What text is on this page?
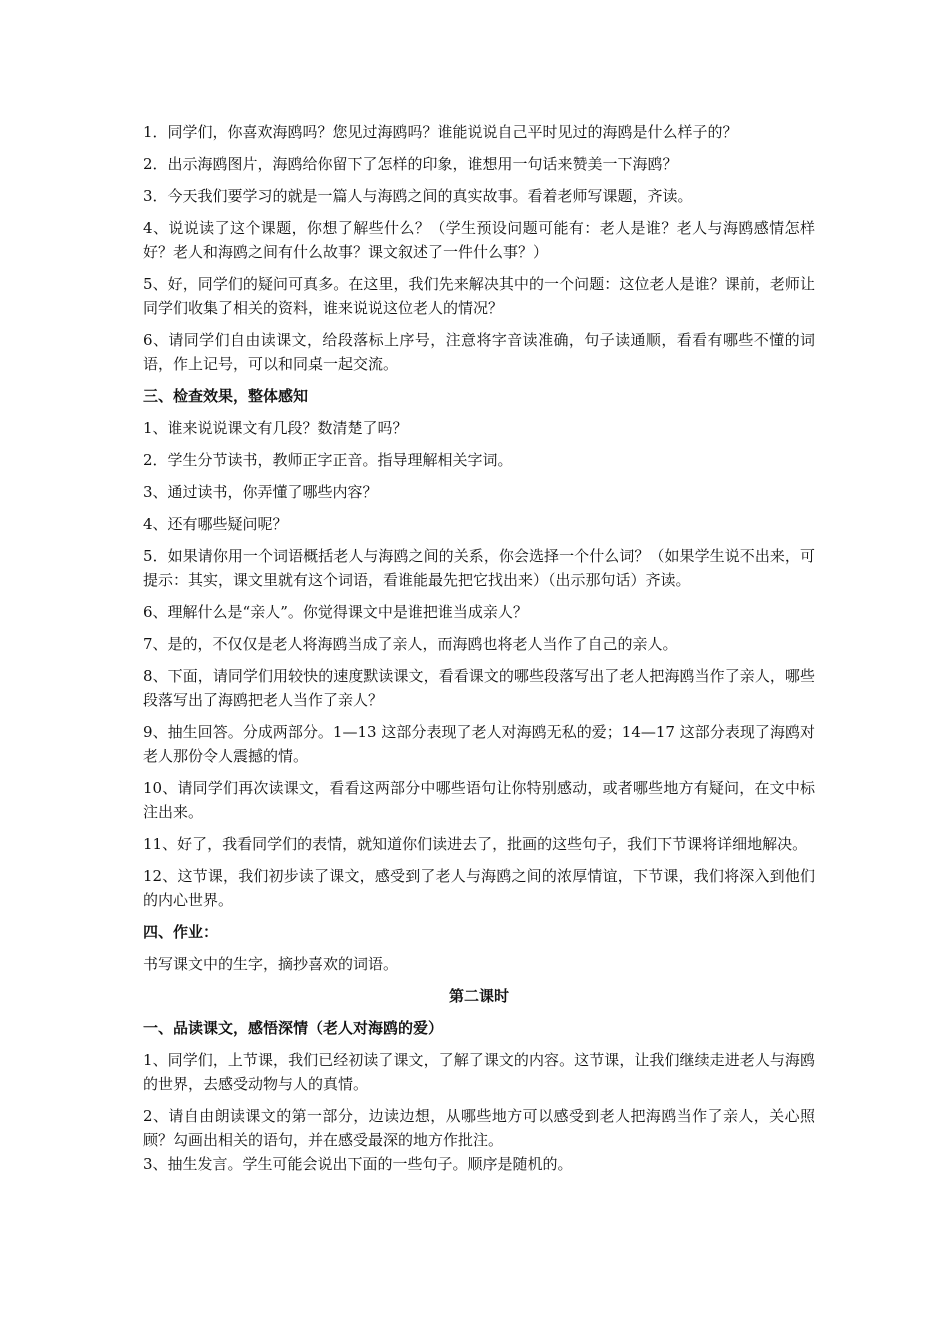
1．同学们，你喜欢海鸥吗？您见过海鸥吗？谁能说说自己平时见过的海鸥是什么样子的？

2．出示海鸥图片，海鸥给你留下了怎样的印象，谁想用一句话来赞美一下海鸥？

3．今天我们要学习的就是一篇人与海鸥之间的真实故事。看着老师写课题，齐读。

4、说说读了这个课题，你想了解些什么？（学生预设问题可能有：老人是谁？老人与海鸥感情怎样好？老人和海鸥之间有什么故事？课文叙述了一件什么事？）

5、好，同学们的疑问可真多。在这里，我们先来解决其中的一个问题：这位老人是谁？课前，老师让同学们收集了相关的资料，谁来说说这位老人的情况？

6、请同学们自由读课文，给段落标上序号，注意将字音读准确，句子读通顺，看看有哪些不懂的词语，作上记号，可以和同桌一起交流。

三、检查效果，整体感知

1、谁来说说课文有几段？数清楚了吗？

2．学生分节读书，教师正字正音。指导理解相关字词。

3、通过读书，你弄懂了哪些内容？

4、还有哪些疑问呢？

5．如果请你用一个词语概括老人与海鸥之间的关系，你会选择一个什么词？（如果学生说不出来，可提示：其实，课文里就有这个词语，看谁能最先把它找出来）（出示那句话）齐读。

6、理解什么是“亲人”。你觉得课文中是谁把谁当成亲人？

7、是的，不仅仅是老人将海鸥当成了亲人，而海鸥也将老人当作了自己的亲人。

8、下面，请同学们用较快的速度默读课文，看看课文的哪些段落写出了老人把海鸥当作了亲人，哪些段落写出了海鸥把老人当作了亲人？

9、抽生回答。分成两部分。1—13 这部分表现了老人对海鸥无私的爱；14—17 这部分表现了海鸥对老人那份令人震撼的情。

10、请同学们再次读课文，看看这两部分中哪些语句让你特别感动，或者哪些地方有疑问，在文中标注出来。

11、好了，我看同学们的表情，就知道你们读进去了，批画的这些句子，我们下节课将详细地解决。

12、这节课，我们初步读了课文，感受到了老人与海鸥之间的浓厚情谊，下节课，我们将深入到他们的内心世界。

四、作业：

书写课文中的生字，摘抄喜欢的词语。

第二课时

一、品读课文，感悟深情（老人对海鸥的爱）

1、同学们，上节课，我们已经初读了课文，了解了课文的内容。这节课，让我们继续走进老人与海鸥的世界，去感受动物与人的真情。

2、请自由朗读课文的第一部分，边读边想，从哪些地方可以感受到老人把海鸥当作了亲人，关心照顾？勾画出相关的语句，并在感受最深的地方作批注。

3、抽生发言。学生可能会说出下面的一些句子。顺序是随机的。
